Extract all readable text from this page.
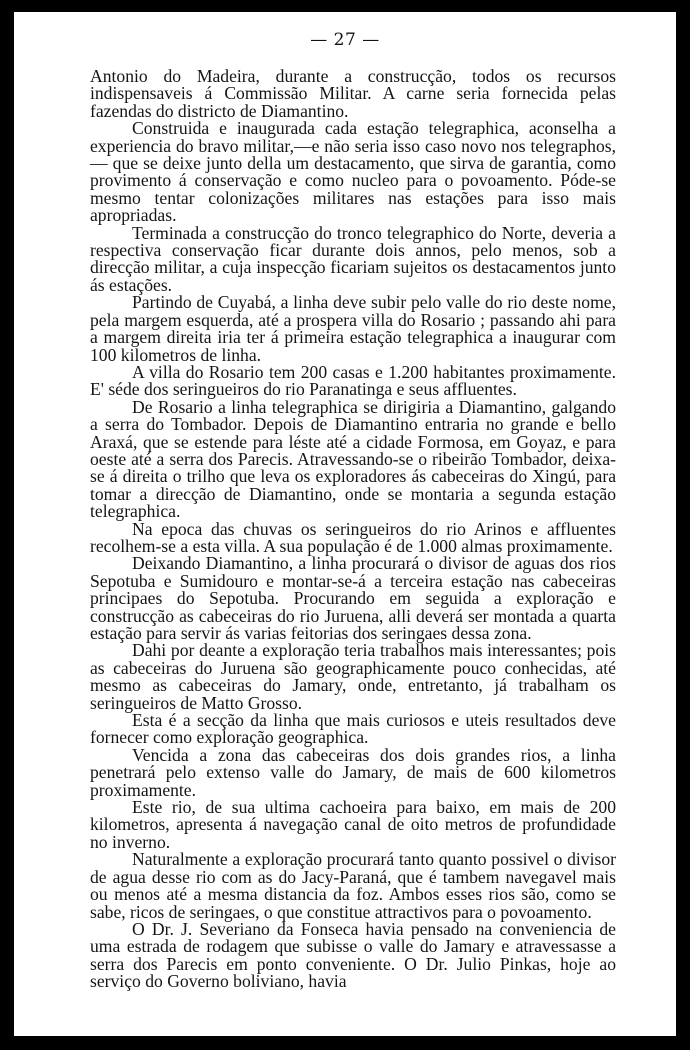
— 27 —

Antonio do Madeira, durante a construcção, todos os recursos indispensaveis á Commissão Militar. A carne seria fornecida pelas fazendas do districto de Diamantino.

Construida e inaugurada cada estação telegraphica, aconselha a experiencia do bravo militar,—e não seria isso caso novo nos telegraphos, — que se deixe junto della um destacamento, que sirva de garantia, como provimento á conservação e como nucleo para o povoamento. Póde-se mesmo tentar colonizações militares nas estações para isso mais apropriadas.

Terminada a construcção do tronco telegraphico do Norte, deveria a respectiva conservação ficar durante dois annos, pelo menos, sob a direcção militar, a cuja inspecção ficariam sujeitos os destacamentos junto ás estações.

Partindo de Cuyabá, a linha deve subir pelo valle do rio deste nome, pela margem esquerda, até a prospera villa do Rosario ; passando ahi para a margem direita iria ter á primeira estação telegraphica a inaugurar com 100 kilometros de linha.

A villa do Rosario tem 200 casas e 1.200 habitantes proximamente. E' séde dos seringueiros do rio Paranatinga e seus affluentes.

De Rosario a linha telegraphica se dirigiria a Diamantino, galgando a serra do Tombador. Depois de Diamantino entraria no grande e bello Araxá, que se estende para léste até a cidade Formosa, em Goyaz, e para oeste até a serra dos Parecis. Atravessando-se o ribeirão Tombador, deixa-se á direita o trilho que leva os exploradores ás cabeceiras do Xingú, para tomar a direcção de Diamantino, onde se montaria a segunda estação telegraphica.

Na epoca das chuvas os seringueiros do rio Arinos e affluentes recolhem-se a esta villa. A sua população é de 1.000 almas proximamente.

Deixando Diamantino, a linha procurará o divisor de aguas dos rios Sepotuba e Sumidouro e montar-se-á a terceira estação nas cabeceiras principaes do Sepotuba. Procurando em seguida a exploração e construcção as cabeceiras do rio Juruena, alli deverá ser montada a quarta estação para servir ás varias feitorias dos seringaes dessa zona.

Dahi por deante a exploração teria trabalhos mais interessantes; pois as cabeceiras do Juruena são geographicamente pouco conhecidas, até mesmo as cabeceiras do Jamary, onde, entretanto, já trabalham os seringueiros de Matto Grosso.

Esta é a secção da linha que mais curiosos e uteis resultados deve fornecer como exploração geographica.

Vencida a zona das cabeceiras dos dois grandes rios, a linha penetrará pelo extenso valle do Jamary, de mais de 600 kilometros proximamente.

Este rio, de sua ultima cachoeira para baixo, em mais de 200 kilometros, apresenta á navegação canal de oito metros de profundidade no inverno.

Naturalmente a exploração procurará tanto quanto possivel o divisor de agua desse rio com as do Jacy-Paraná, que é tambem navegavel mais ou menos até a mesma distancia da foz. Ambos esses rios são, como se sabe, ricos de seringaes, o que constitue attractivos para o povoamento.

O Dr. J. Severiano da Fonseca havia pensado na conveniencia de uma estrada de rodagem que subisse o valle do Jamary e atravessasse a serra dos Parecis em ponto conveniente. O Dr. Julio Pinkas, hoje ao serviço do Governo boliviano, havia
